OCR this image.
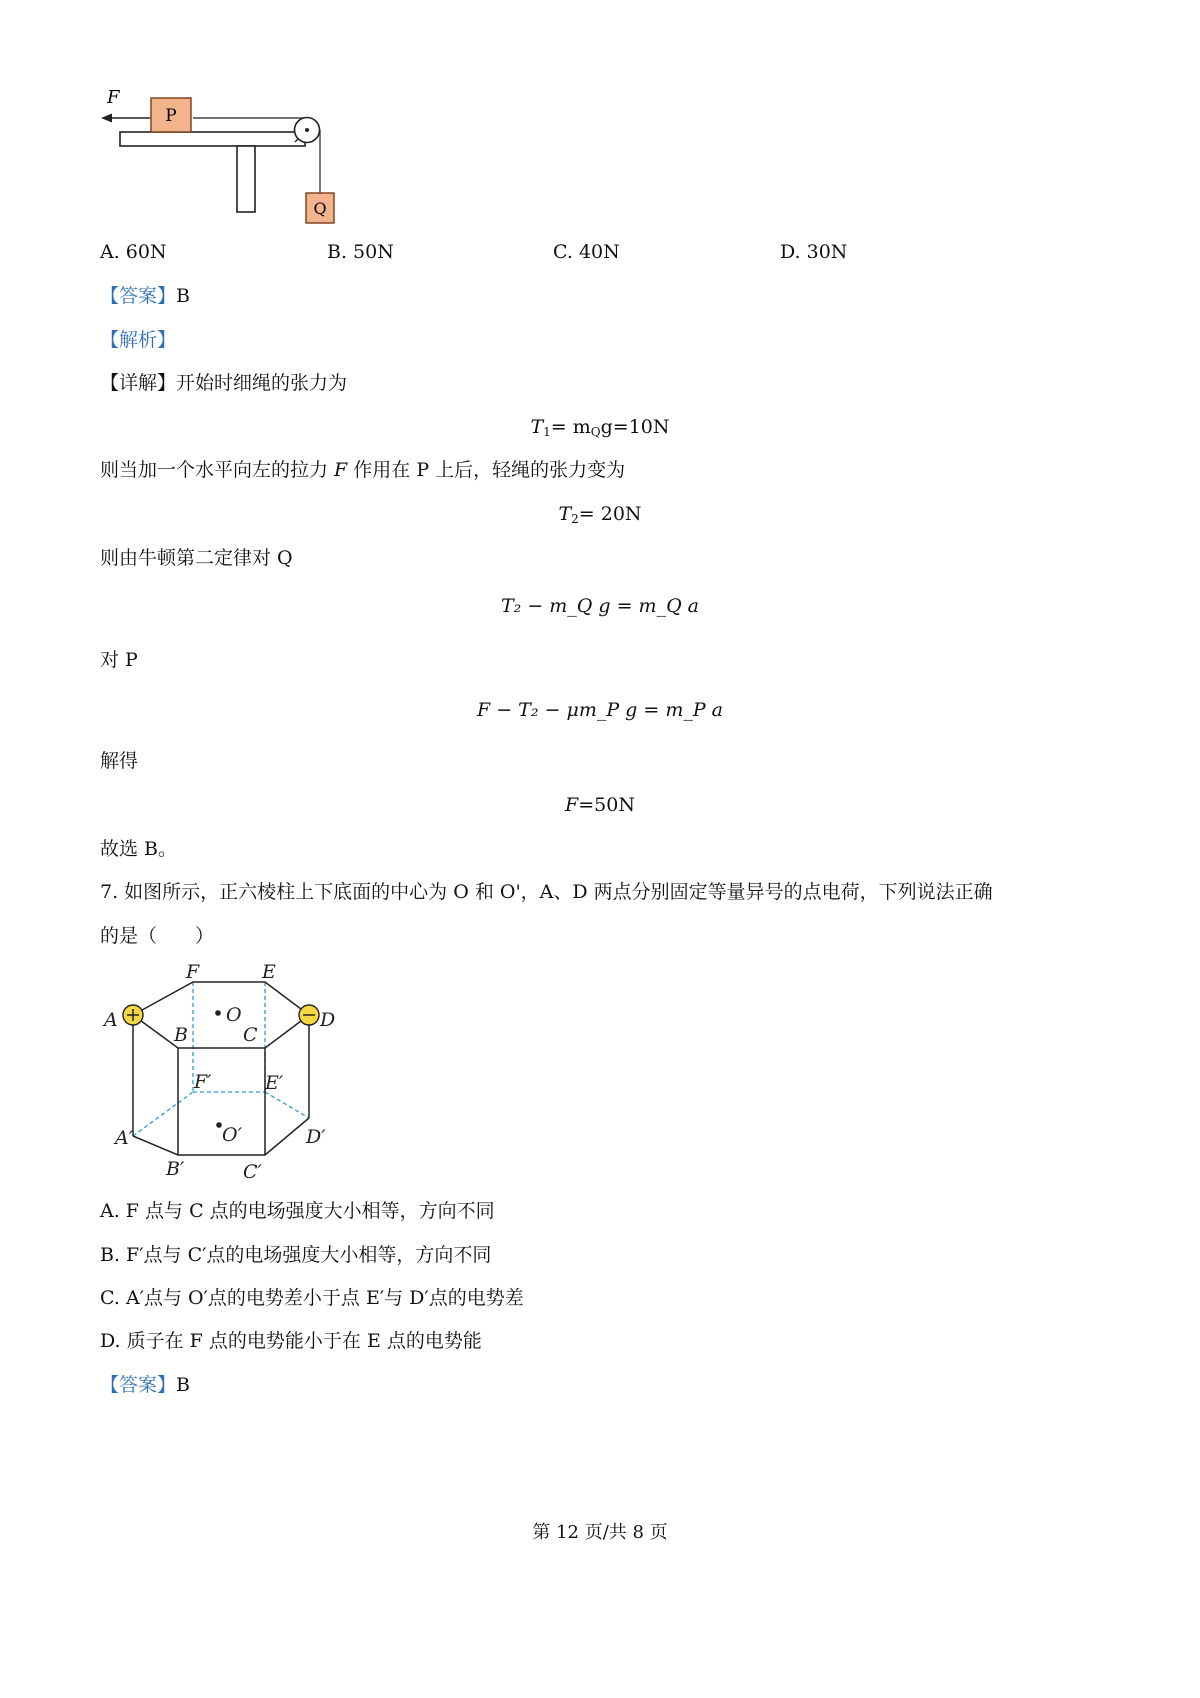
F
P
Q
A. 60N	B. 50N	C. 40N	D. 30N
【答案】B
【解析】
【详解】开始时细绳的张力为
$T_1= m_Qg=10N$
则当加一个水平向左的拉力 F 作用在 P 上后，轻绳的张力变为
$T_2= 20N$
则由牛顿第二定律对 Q
T₂ − m_Q g = m_Q a
对 P
F − T₂ − μm_P g = m_P a
解得
F=50N
故选 B。
7. 如图所示，正六棱柱上下底面的中心为 O 和 O'，A、D 两点分别固定等量异号的点电荷，下列说法正确
的是（　　）
F	E
A	D
B	C
O
F′	E′
A′	D′
O′
B′	C′
A. F 点与 C 点的电场强度大小相等，方向不同
B. F′点与 C′点的电场强度大小相等，方向不同
C. A′点与 O′点的电势差小于点 E′与 D′点的电势差
D. 质子在 F 点的电势能小于在 E 点的电势能
【答案】B
第 12 页/共 8 页
